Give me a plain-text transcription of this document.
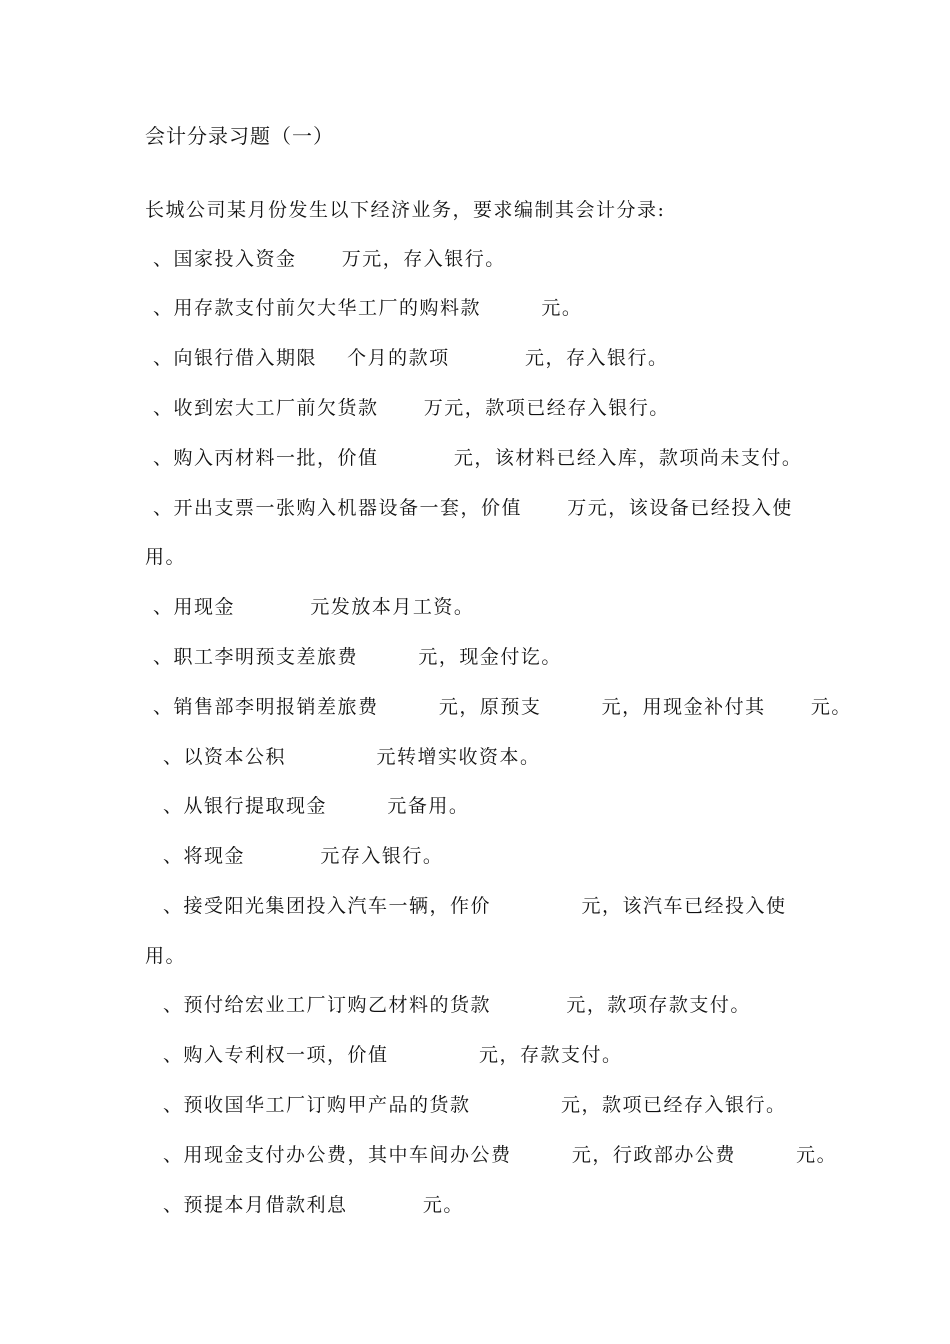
会计分录习题（一）
长城公司某月份发生以下经济业务，要求编制其会计分录:
、国家投入资金      万元，存入银行。
、用存款支付前欠大华工厂的购料款        元。
、向银行借入期限    个月的款项          元，存入银行。
、收到宏大工厂前欠货款      万元，款项已经存入银行。
、购入丙材料一批，价值          元，该材料已经入库，款项尚未支付。
、开出支票一张购入机器设备一套，价值      万元，该设备已经投入使
用。
、用现金          元发放本月工资。
、职工李明预支差旅费        元，现金付讫。
、销售部李明报销差旅费        元，原预支        元，用现金补付其      元。
、以资本公积            元转增实收资本。
、从银行提取现金        元备用。
、将现金          元存入银行。
、接受阳光集团投入汽车一辆，作价            元，该汽车已经投入使
用。
、预付给宏业工厂订购乙材料的货款          元，款项存款支付。
、购入专利权一项，价值            元，存款支付。
、预收国华工厂订购甲产品的货款            元，款项已经存入银行。
、用现金支付办公费，其中车间办公费        元，行政部办公费        元。
、预提本月借款利息          元。
